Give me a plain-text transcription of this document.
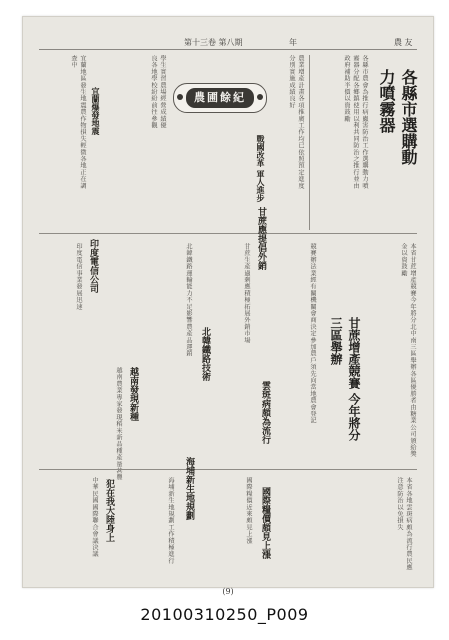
第十三卷 第八期	年	農 友
各縣市選購動力噴霧器
各縣市農會為推行病蟲害防治工作選購動力噴霧器分配各鄉鎮使用以利共同防治之推行並由政府補助半價以資鼓勵
農業增產計畫各項推廣工作均已依照預定進度分別實施成績良好
戰國改革 軍人進步
農圃餘紀
學生實習農場經營成績優良各地學校紛紛前往參觀
宜蘭爆發地震
宜蘭地區發生地震農作物損失輕微各地正在調查中
甘蔗增產競賽 今年將分三區舉辦	本省甘蔗增產競賽今年將分北中南三區舉辦各區優勝者由糖業公司頒給獎金以資鼓勵
競賽辦法業經有關機關會商決定參加農戶須先向當地農會登記
甘蔗應提倡外銷
甘蔗生產過剩應積極拓展外銷市場
北韓鐵路技術
北韓鐵路運輸能力不足影響農產品運銷
印度電信公司
印度電信事業發展迅速
越南發現新種
越南農業專家發現稻米新品種產量甚豐	雲斑病頗為流行
本省各地雲斑病頗為流行農民應注意防治以免損失
國際糧價頗見上漲
國際糧價近來頗見上漲
海埔新生地規劃
海埔新生地規劃工作積極進行
犯在我大陸身上
中華民國國際聯合會議決議
(9)
20100310250_P009
